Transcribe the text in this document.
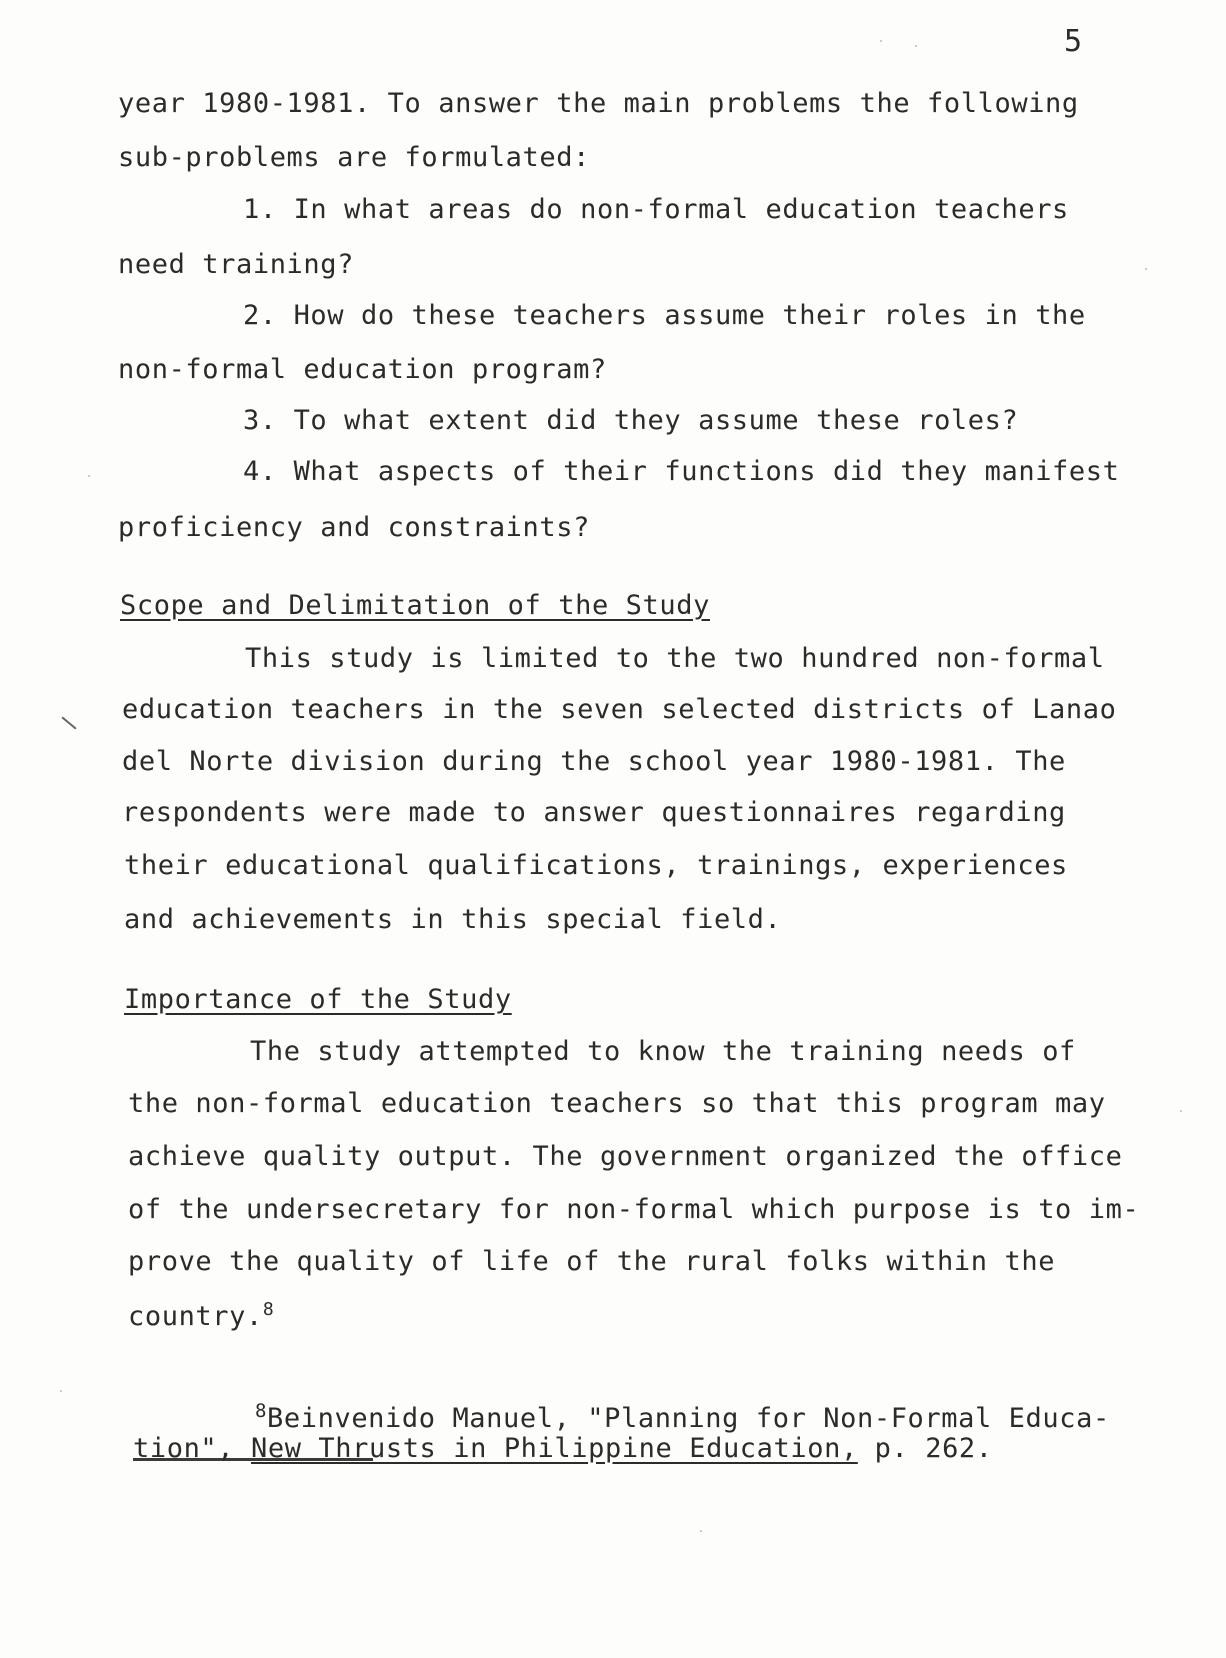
5
year 1980-1981. To answer the main problems the following
sub-problems are formulated:
1. In what areas do non-formal education teachers
need training?
2. How do these teachers assume their roles in the
non-formal education program?
3. To what extent did they assume these roles?
4. What aspects of their functions did they manifest
proficiency and constraints?
Scope and Delimitation of the Study
This study is limited to the two hundred non-formal
education teachers in the seven selected districts of Lanao
del Norte division during the school year 1980-1981. The
respondents were made to answer questionnaires regarding
their educational qualifications, trainings, experiences
and achievements in this special field.
Importance of the Study
The study attempted to know the training needs of
the non-formal education teachers so that this program may
achieve quality output. The government organized the office
of the undersecretary for non-formal which purpose is to im-
prove the quality of life of the rural folks within the
country.$^8$
$^8$Beinvenido Manuel, "Planning for Non-Formal Educa-
tion", New Thrusts in Philippine Education, p. 262.
